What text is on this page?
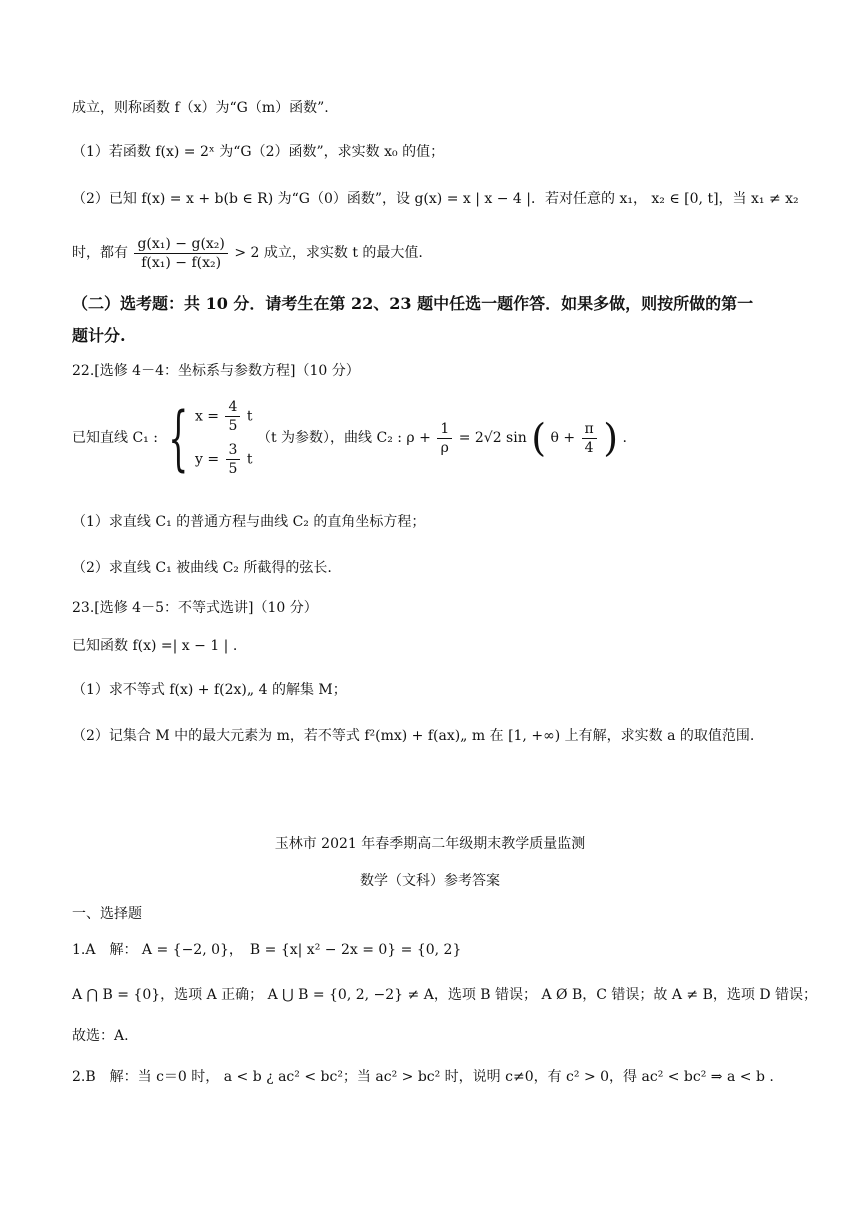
成立，则称函数 f（x）为“G（m）函数”.
（1）若函数 f(x) = 2ˣ 为“G（2）函数”，求实数 x₀ 的值；
（2）已知 f(x) = x + b(b ∈ R) 为“G（0）函数”，设 g(x) = x | x − 4 |．若对任意的 x₁， x₂ ∈ [0, t]，当 x₁ ≠ x₂
时，都有 $\frac{\text{g(x₁) − g(x₂)}}{\text{f(x₁) − f(x₂)}} > 2$ 成立，求实数 t 的最大值.
（二）选考题：共 10 分．请考生在第 22、23 题中任选一题作答．如果多做，则按所做的第一
题计分.
22.[选修 4－4：坐标系与参数方程]（10 分）
已知直线 C₁ : { $x = \frac{4}{5}$ t
$y = \frac{3}{5}$ t
（t 为参数），曲线 C₂ : $\rho + \frac{1}{\rho} = 2√2$ sin ( $\theta + \frac{\pi}{4}$ ) .
（1）求直线 C₁ 的普通方程与曲线 C₂ 的直角坐标方程；
（2）求直线 C₁ 被曲线 C₂ 所截得的弦长.
23.[选修 4－5：不等式选讲]（10 分）
已知函数 f(x) =| x − 1 | .
（1）求不等式 f(x) + f(2x)„ 4 的解集 M；
（2）记集合 M 中的最大元素为 m，若不等式 f²(mx) + f(ax)„ m 在 [1, +∞) 上有解，求实数 a 的取值范围.
玉林市 2021 年春季期高二年级期末教学质量监测
数学（文科）参考答案
一、选择题
1.A　解： A = {−2, 0}，　B = {x| x² − 2x = 0} = {0, 2}
A ⋂ B = {0}，选项 A 正确； A ⋃ B = {0, 2, −2} ≠ A，选项 B 错误； A Ø B，C 错误；故 A ≠ B，选项 D 错误；
故选：A.
2.B　解：当 c＝0 时， a < b ¿ ac² < bc²；当 ac² > bc² 时，说明 c≠0，有 c² > 0，得 ac² < bc² ⇒ a < b .
